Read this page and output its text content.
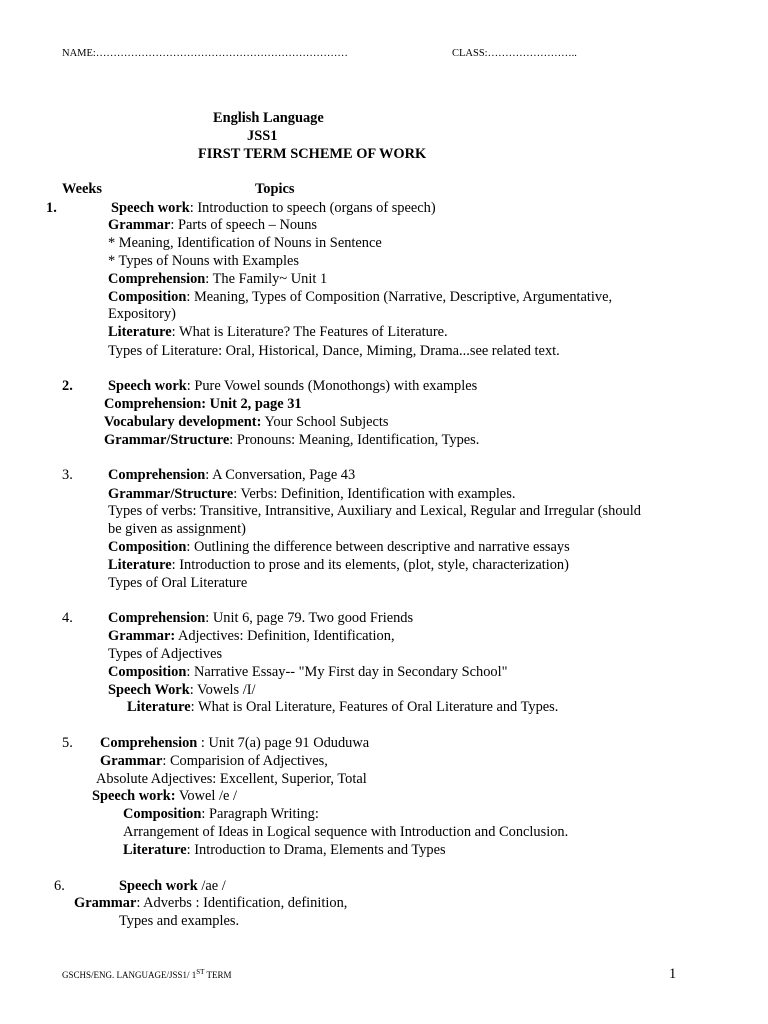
NAME:………………………………………………………………	CLASS:……………………..
English Language
JSS1
FIRST TERM SCHEME OF WORK
Weeks	Topics
1.	Speech work: Introduction to speech (organs of speech)
Grammar: Parts of speech – Nouns
* Meaning, Identification of Nouns in Sentence
* Types of Nouns with Examples
Comprehension: The Family~ Unit 1
Composition: Meaning, Types of Composition (Narrative, Descriptive, Argumentative,
Expository)
Literature: What is Literature? The Features of Literature.
Types of Literature: Oral, Historical, Dance, Miming, Drama...see related text.
2. Speech work: Pure Vowel sounds (Monothongs) with examples
Comprehension: Unit 2, page 31
Vocabulary development: Your School Subjects
Grammar/Structure: Pronouns: Meaning, Identification, Types.
3. Comprehension: A Conversation, Page 43
Grammar/Structure: Verbs: Definition, Identification with examples.
Types of verbs: Transitive, Intransitive, Auxiliary and Lexical, Regular and Irregular (should
be given as assignment)
Composition: Outlining the difference between descriptive and narrative essays
Literature: Introduction to prose and its elements, (plot, style, characterization)
Types of Oral Literature
4. Comprehension: Unit 6, page 79. Two good Friends
Grammar: Adjectives: Definition, Identification,
Types of Adjectives
Composition: Narrative Essay-- "My First day in Secondary School"
Speech Work: Vowels /I/
Literature: What is Oral Literature, Features of Oral Literature and Types.
5. Comprehension : Unit 7(a) page 91 Oduduwa
Grammar: Comparision of Adjectives,
Absolute Adjectives: Excellent, Superior, Total
Speech work: Vowel /e /
Composition: Paragraph Writing:
Arrangement of Ideas in Logical sequence with Introduction and Conclusion.
Literature: Introduction to Drama, Elements and Types
6.	Speech work /ae /
Grammar: Adverbs : Identification, definition,
Types and examples.
GSCHS/ENG. LANGUAGE/JSS1/ 1ST TERM	1
